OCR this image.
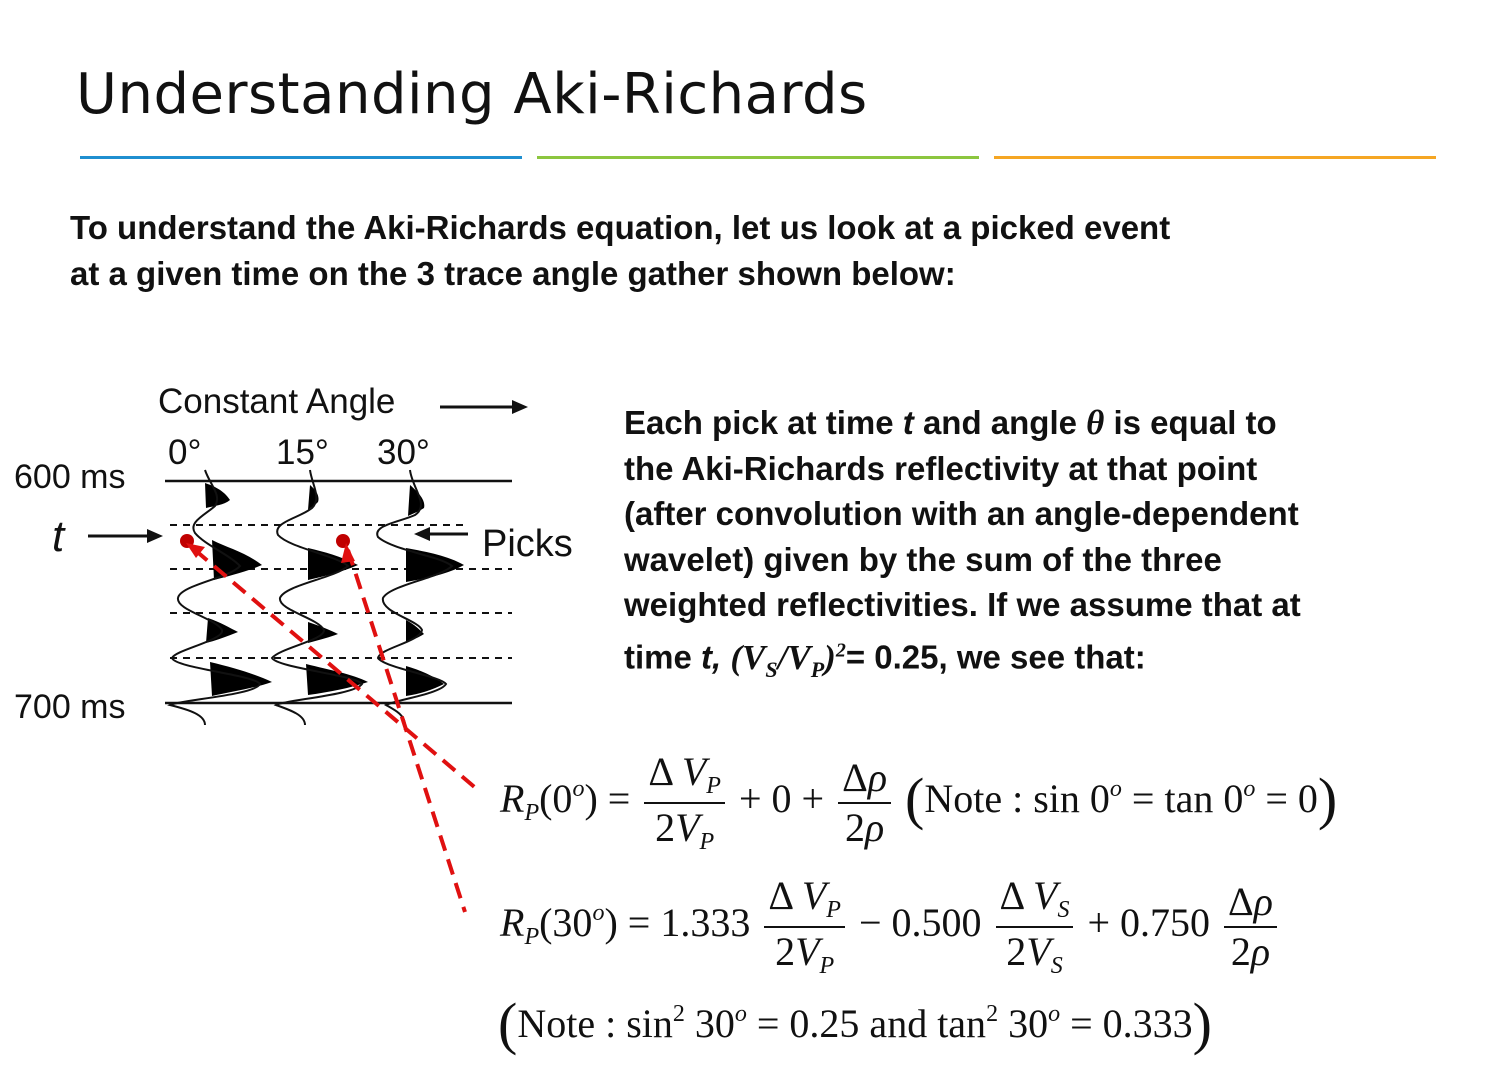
Understanding Aki-Richards
To understand the Aki-Richards equation, let us look at a picked event
at a given time on the 3 trace angle gather shown below:
Constant Angle
0° 15° 30°
600 ms
700 ms
t	Picks
Each pick at time t and angle θ is equal to
the Aki-Richards reflectivity at that point
(after convolution with an angle-dependent
wavelet) given by the sum of the three
weighted reflectivities. If we assume that at
time t, $(V_S/V_P)^2= 0.25$, we see that:
$R_P(0^o) = \frac{\Delta V_P}{2V_P} + 0 + \frac{\Delta\rho}{2\rho}$ (Note : $\sin 0^o = \tan 0^o = 0$)
$R_P(30^o) = 1.333 \frac{\Delta V_P}{2V_P} - 0.500 \frac{\Delta V_S}{2V_S} + 0.750 \frac{\Delta\rho}{2\rho}$
(Note : $\sin^2 30^o = 0.25$ and $\tan^2 30^o = 0.333$)
